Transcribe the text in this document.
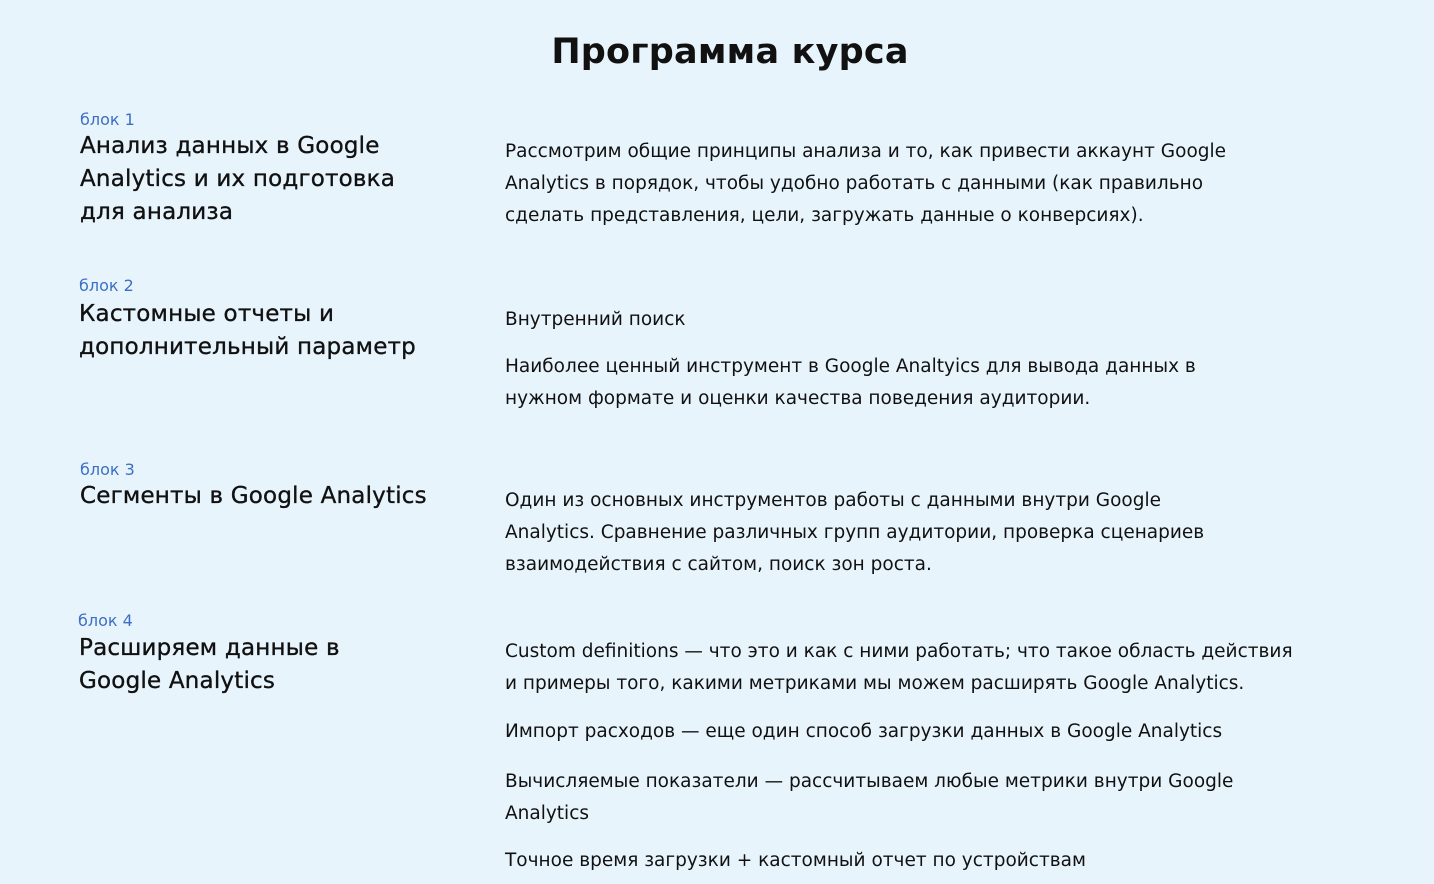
Программа курса

блок 1

Анализ данных в Google
Analytics и их подготовка
для анализа

Рассмотрим общие принципы анализа и то, как привести аккаунт Google Analytics в порядок, чтобы удобно работать с данными (как правильно сделать представления, цели, загружать данные о конверсиях).

блок 2

Кастомные отчеты и
дополнительный параметр

Внутренний поиск

Наиболее ценный инструмент в Google Analtyics для вывода данных в нужном формате и оценки качества поведения аудитории.

блок 3

Сегменты в Google Analytics	Один из основных инструментов работы с данными внутри Google Analytics. Сравнение различных групп аудитории, проверка сценариев взаимодействия с сайтом, поиск зон роста.

блок 4

Расширяем данные в
Google Analytics

Custom definitions — что это и как с ними работать; что такое область действия и примеры того, какими метриками мы можем расширять Google Analytics.

Импорт расходов — еще один способ загрузки данных в Google Analytics

Вычисляемые показатели — рассчитываем любые метрики внутри Google Analytics

Точное время загрузки + кастомный отчет по устройствам
